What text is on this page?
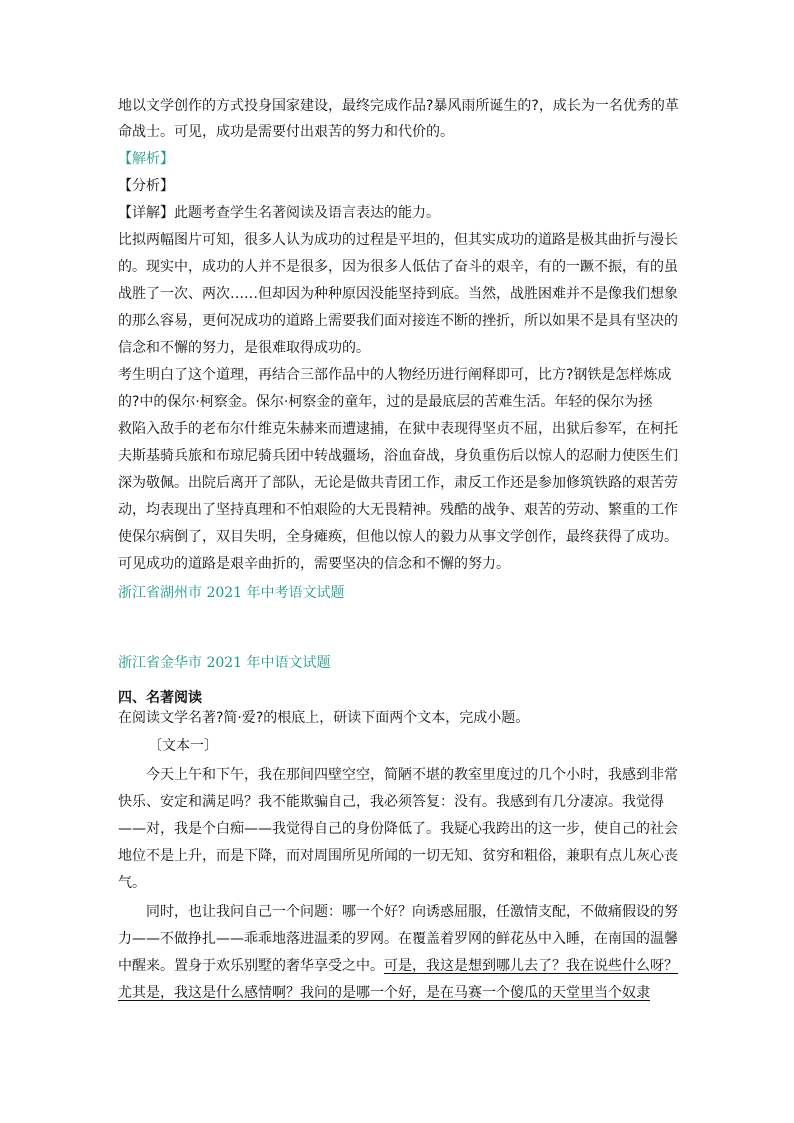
地以文学创作的方式投身国家建设，最终完成作品?暴风雨所诞生的?，成长为一名优秀的革
命战士。可见，成功是需要付出艰苦的努力和代价的。
【解析】
【分析】
【详解】此题考查学生名著阅读及语言表达的能力。
比拟两幅图片可知，很多人认为成功的过程是平坦的，但其实成功的道路是极其曲折与漫长
的。现实中，成功的人并不是很多，因为很多人低估了奋斗的艰辛，有的一蹶不振，有的虽
战胜了一次、两次……但却因为种种原因没能坚持到底。当然，战胜困难并不是像我们想象
的那么容易，更何况成功的道路上需要我们面对接连不断的挫折，所以如果不是具有坚决的
信念和不懈的努力，是很难取得成功的。
考生明白了这个道理，再结合三部作品中的人物经历进行阐释即可，比方?钢铁是怎样炼成
的?中的保尔·柯察金。保尔·柯察金的童年，过的是最底层的苦难生活。年轻的保尔为拯
救陷入敌手的老布尔什维克朱赫来而遭逮捕，在狱中表现得坚贞不屈，出狱后参军，在柯托
夫斯基骑兵旅和布琼尼骑兵团中转战疆场，浴血奋战，身负重伤后以惊人的忍耐力使医生们
深为敬佩。出院后离开了部队，无论是做共青团工作，肃反工作还是参加修筑铁路的艰苦劳
动，均表现出了坚持真理和不怕艰险的大无畏精神。残酷的战争、艰苦的劳动、繁重的工作
使保尔病倒了，双目失明，全身瘫痪，但他以惊人的毅力从事文学创作，最终获得了成功。
可见成功的道路是艰辛曲折的，需要坚决的信念和不懈的努力。
浙江省湖州市 2021 年中考语文试题
浙江省金华市 2021 年中语文试题
四、名著阅读
在阅读文学名著?简·爱?的根底上，研读下面两个文本，完成小题。
〔文本一〕
今天上午和下午，我在那间四壁空空，简陋不堪的教室里度过的几个小时，我感到非常
快乐、安定和满足吗？我不能欺骗自己，我必须答复：没有。我感到有几分凄凉。我觉得
——对，我是个白痴——我觉得自己的身份降低了。我疑心我跨出的这一步，使自己的社会
地位不是上升，而是下降，而对周围所见所闻的一切无知、贫穷和粗俗，兼职有点儿灰心丧
气。
同时，也让我问自己一个问题：哪一个好？向诱惑屈服，任激情支配，不做痛假设的努
力——不做挣扎——乖乖地落进温柔的罗网。在覆盖着罗网的鲜花丛中入睡，在南国的温馨
中醒来。置身于欢乐别墅的奢华享受之中。可是，我这是想到哪儿去了？我在说些什么呀？
尤其是，我这是什么感情啊？我问的是哪一个好，是在马赛一个傻瓜的天堂里当个奴隶
